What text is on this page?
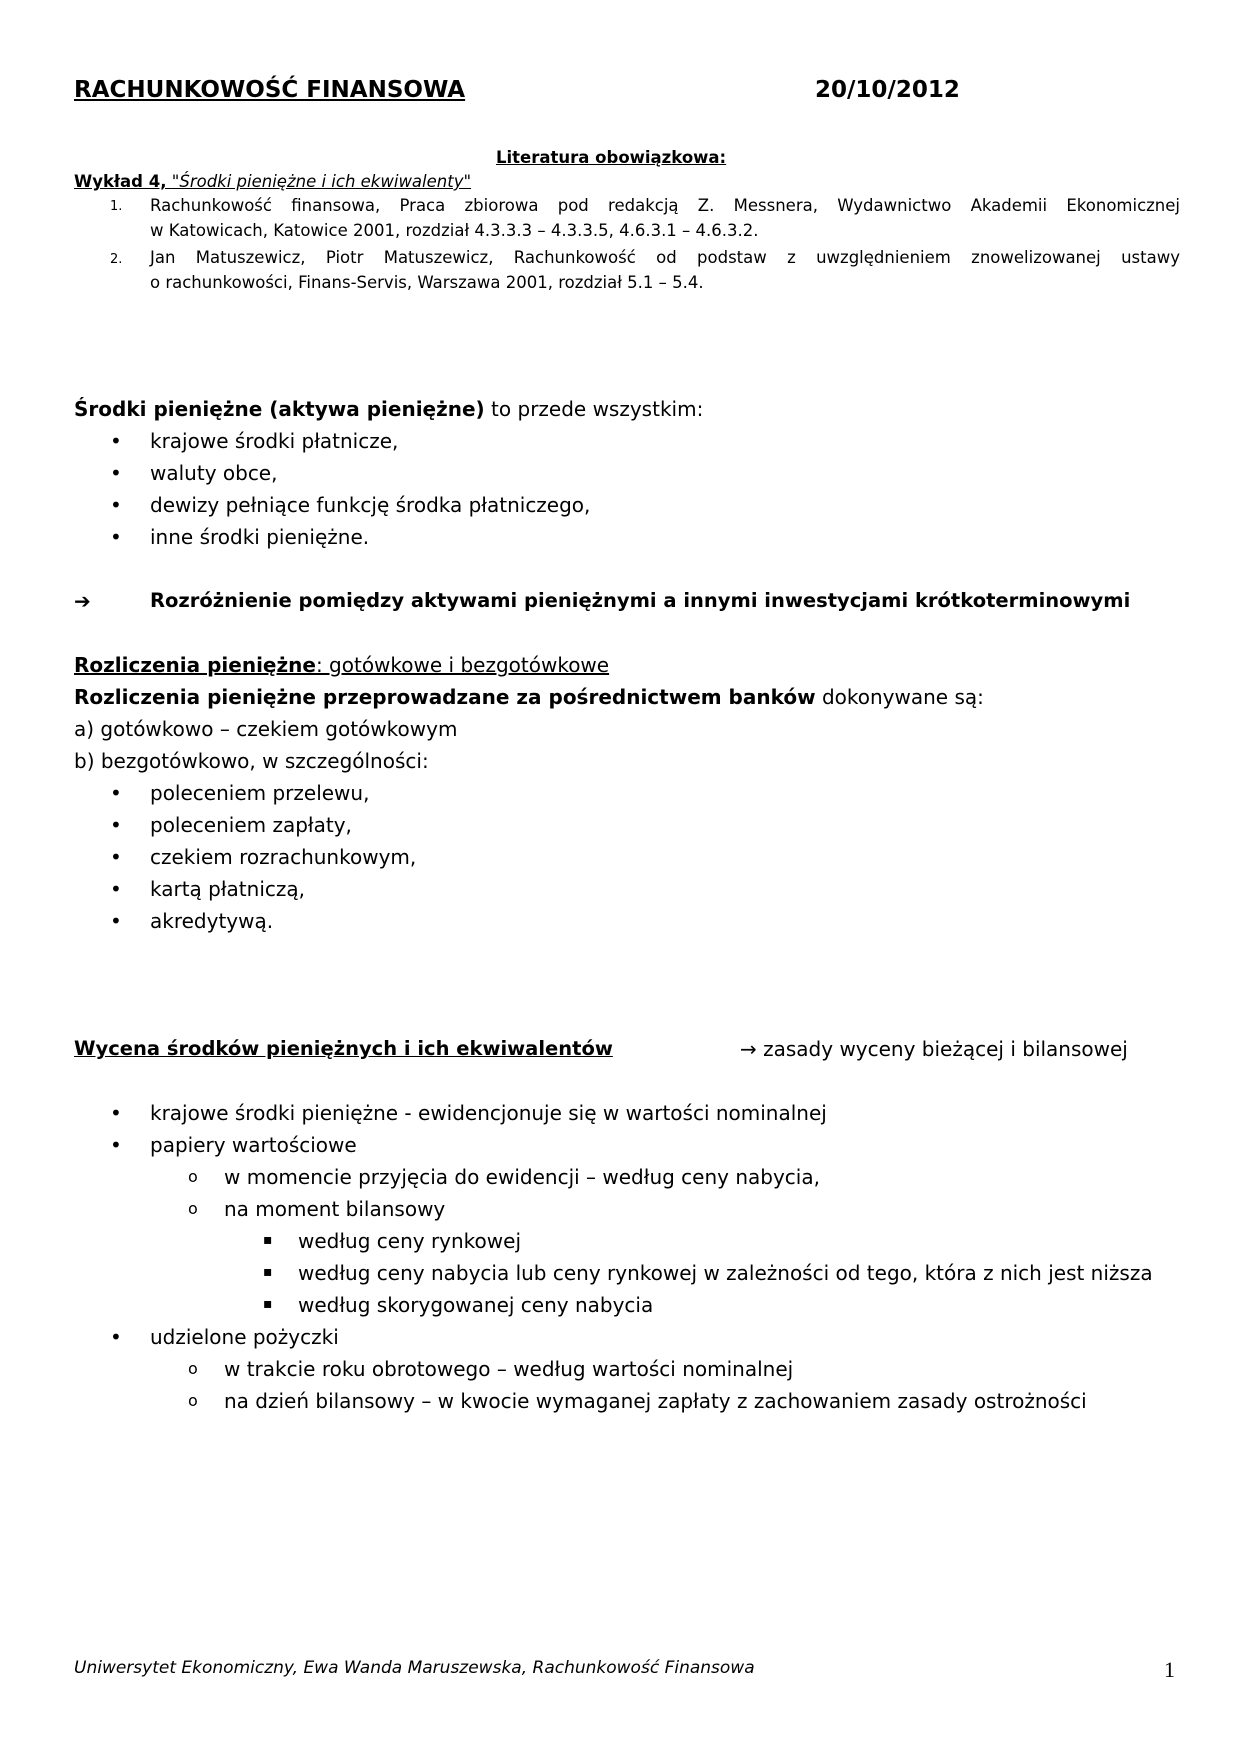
RACHUNKOWOŚĆ FINANSOWA	20/10/2012
Literatura obowiązkowa:
Wykład 4, "Środki pieniężne i ich ekwiwalenty"
1. Rachunkowość finansowa, Praca zbiorowa pod redakcją Z. Messnera, Wydawnictwo Akademii Ekonomicznej
w Katowicach, Katowice 2001, rozdział 4.3.3.3 – 4.3.3.5, 4.6.3.1 – 4.6.3.2.
2. Jan Matuszewicz, Piotr Matuszewicz, Rachunkowość od podstaw z uwzględnieniem znowelizowanej ustawy
o rachunkowości, Finans-Servis, Warszawa 2001, rozdział 5.1 – 5.4.
Środki pieniężne (aktywa pieniężne) to przede wszystkim:
• krajowe środki płatnicze,
• waluty obce,
• dewizy pełniące funkcję środka płatniczego,
• inne środki pieniężne.
➔	Rozróżnienie pomiędzy aktywami pieniężnymi a innymi inwestycjami krótkoterminowymi
Rozliczenia pieniężne: gotówkowe i bezgotówkowe
Rozliczenia pieniężne przeprowadzane za pośrednictwem banków dokonywane są:
a) gotówkowo – czekiem gotówkowym
b) bezgotówkowo, w szczególności:
• poleceniem przelewu,
• poleceniem zapłaty,
• czekiem rozrachunkowym,
• kartą płatniczą,
• akredytywą.
Wycena środków pieniężnych i ich ekwiwalentów	→ zasady wyceny bieżącej i bilansowej
• krajowe środki pieniężne - ewidencjonuje się w wartości nominalnej
• papiery wartościowe
o w momencie przyjęcia do ewidencji – według ceny nabycia,
o na moment bilansowy
▪ według ceny rynkowej
▪ według ceny nabycia lub ceny rynkowej w zależności od tego, która z nich jest niższa
▪ według skorygowanej ceny nabycia
• udzielone pożyczki
o w trakcie roku obrotowego – według wartości nominalnej
o na dzień bilansowy – w kwocie wymaganej zapłaty z zachowaniem zasady ostrożności
Uniwersytet Ekonomiczny, Ewa Wanda Maruszewska, Rachunkowość Finansowa	1
